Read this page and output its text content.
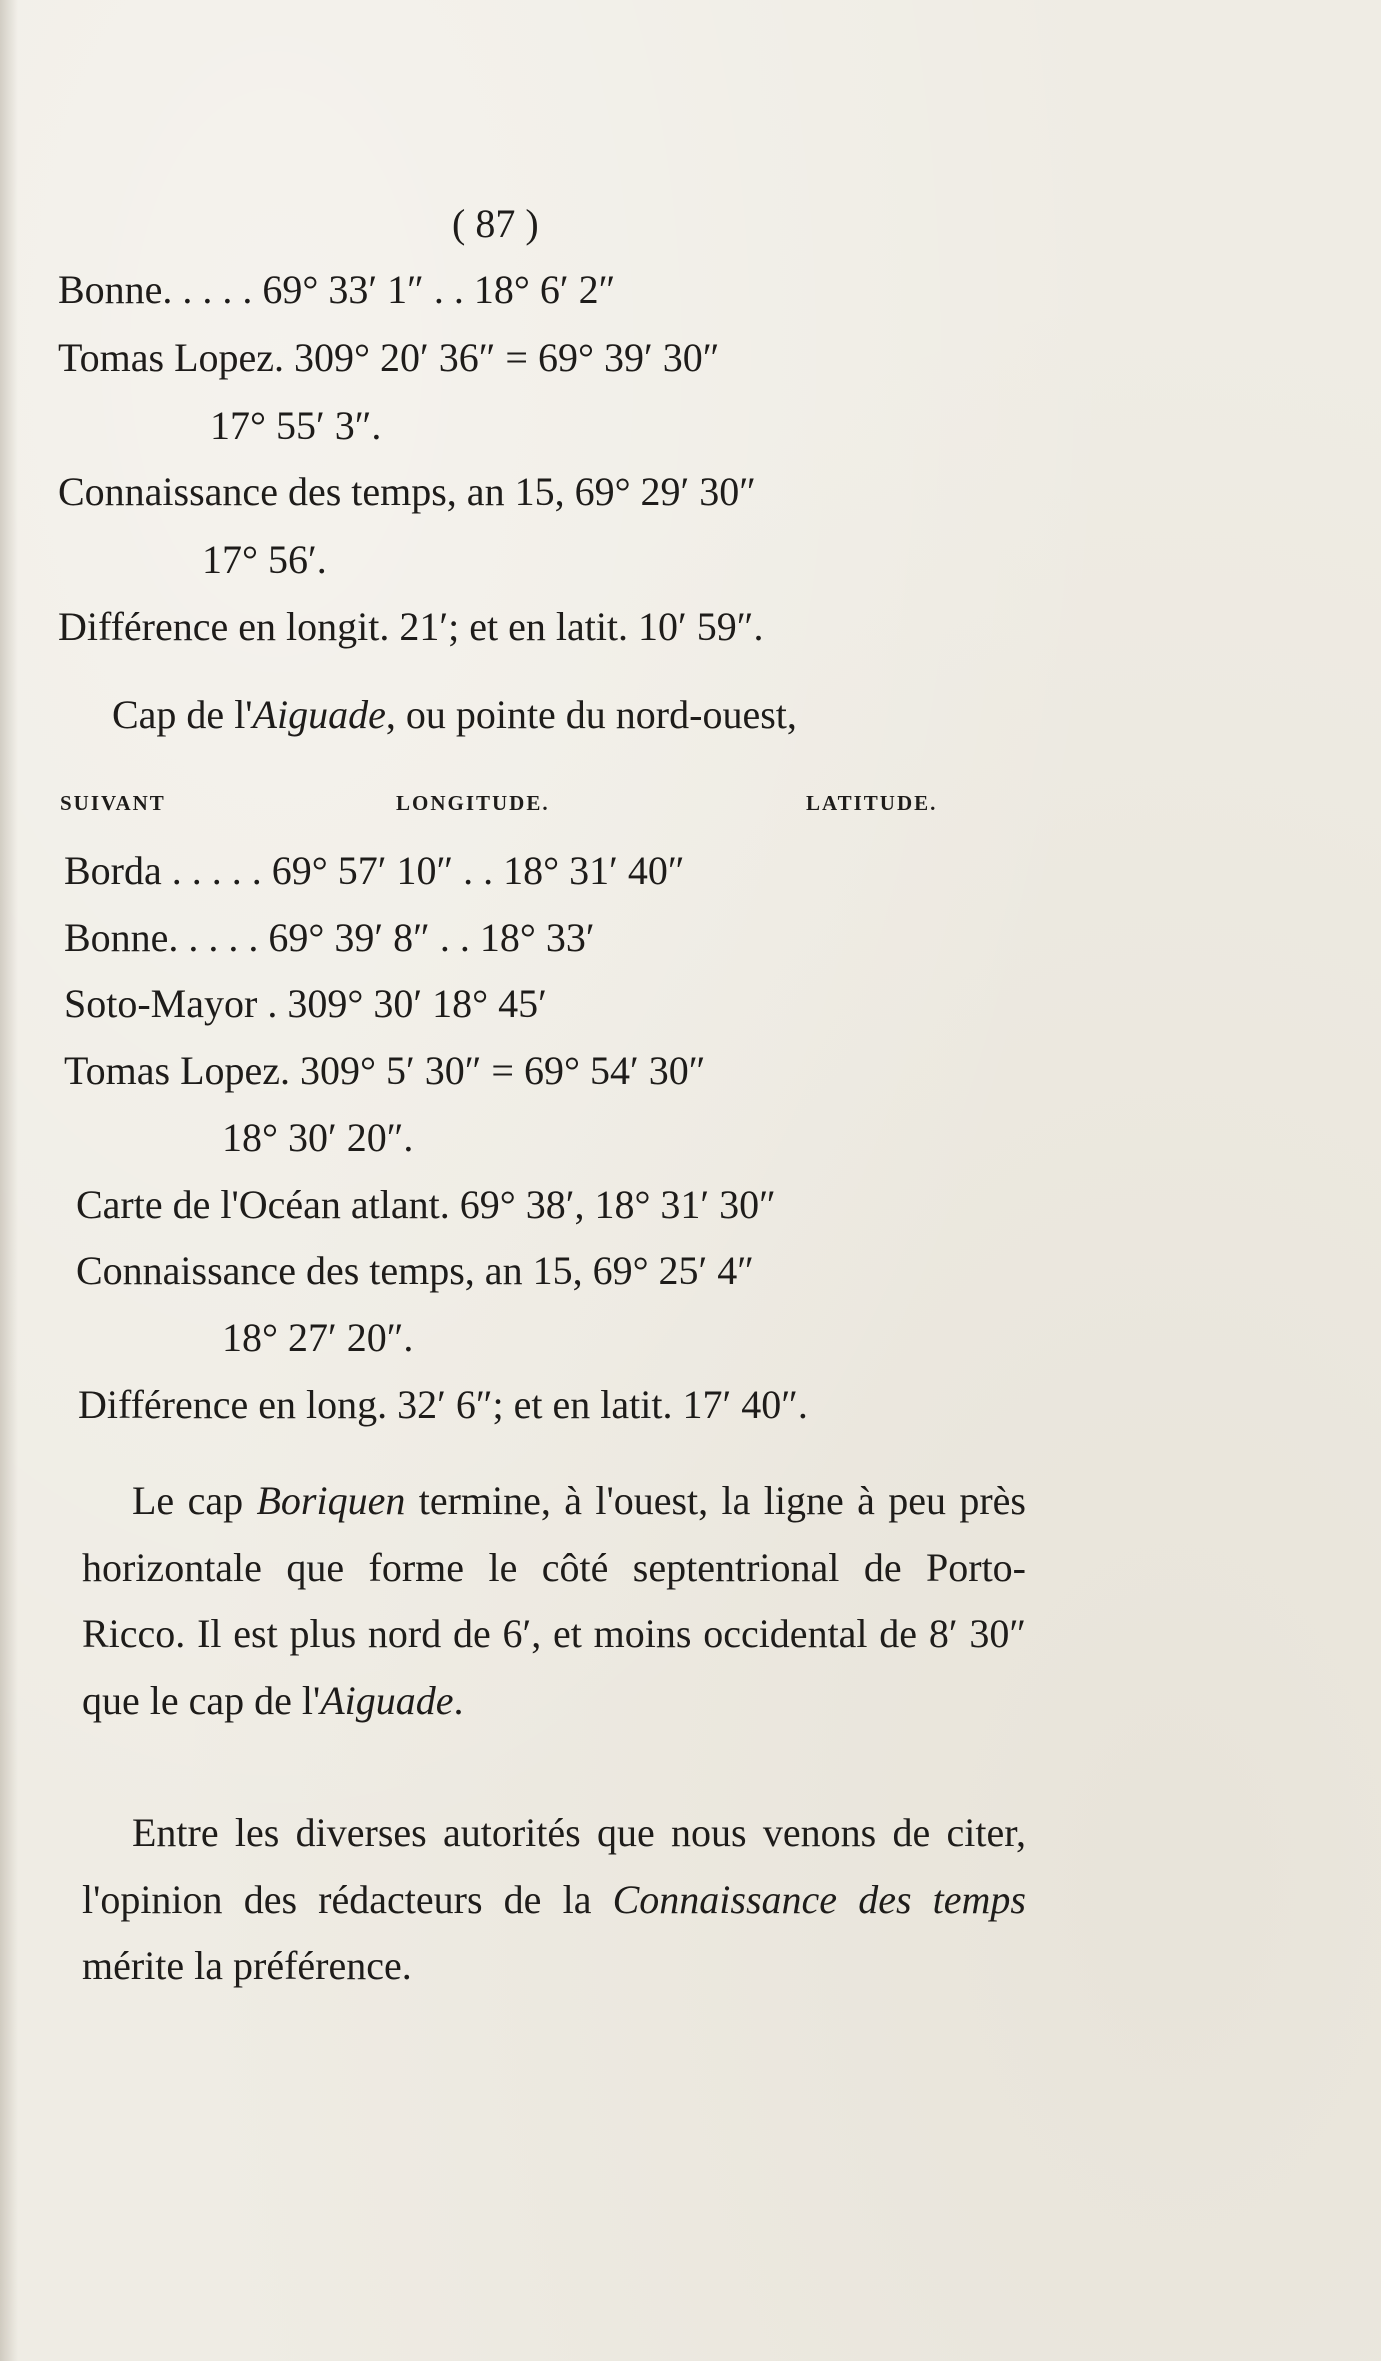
( 87 )
Bonne. . . . . 69° 33′ 1″ . . 18° 6′ 2″
Tomas Lopez. 309° 20′ 36″ = 69° 39′ 30″
17° 55′ 3″.
Connaissance des temps, an 15, 69° 29′ 30″
17° 56′.
Différence en longit. 21′; et en latit. 10′ 59″.
Cap de l'Aiguade, ou pointe du nord-ouest,
SUIVANT	LONGITUDE.	LATITUDE.
Borda . . . . . 69° 57′ 10″ . . 18° 31′ 40″
Bonne. . . . . 69° 39′ 8″ . . 18° 33′
Soto-Mayor . 309° 30′ 18° 45′
Tomas Lopez. 309° 5′ 30″ = 69° 54′ 30″
18° 30′ 20″.
Carte de l'Océan atlant. 69° 38′, 18° 31′ 30″
Connaissance des temps, an 15, 69° 25′ 4″
18° 27′ 20″.
Différence en long. 32′ 6″; et en latit. 17′ 40″.
Le cap Boriquen termine, à l'ouest, la ligne à peu près horizontale que forme le côté septentrional de Porto-Ricco. Il est plus nord de 6′, et moins occidental de 8′ 30″ que le cap de l'Aiguade.
Entre les diverses autorités que nous venons de citer, l'opinion des rédacteurs de la Connaissance des temps mérite la préférence.
